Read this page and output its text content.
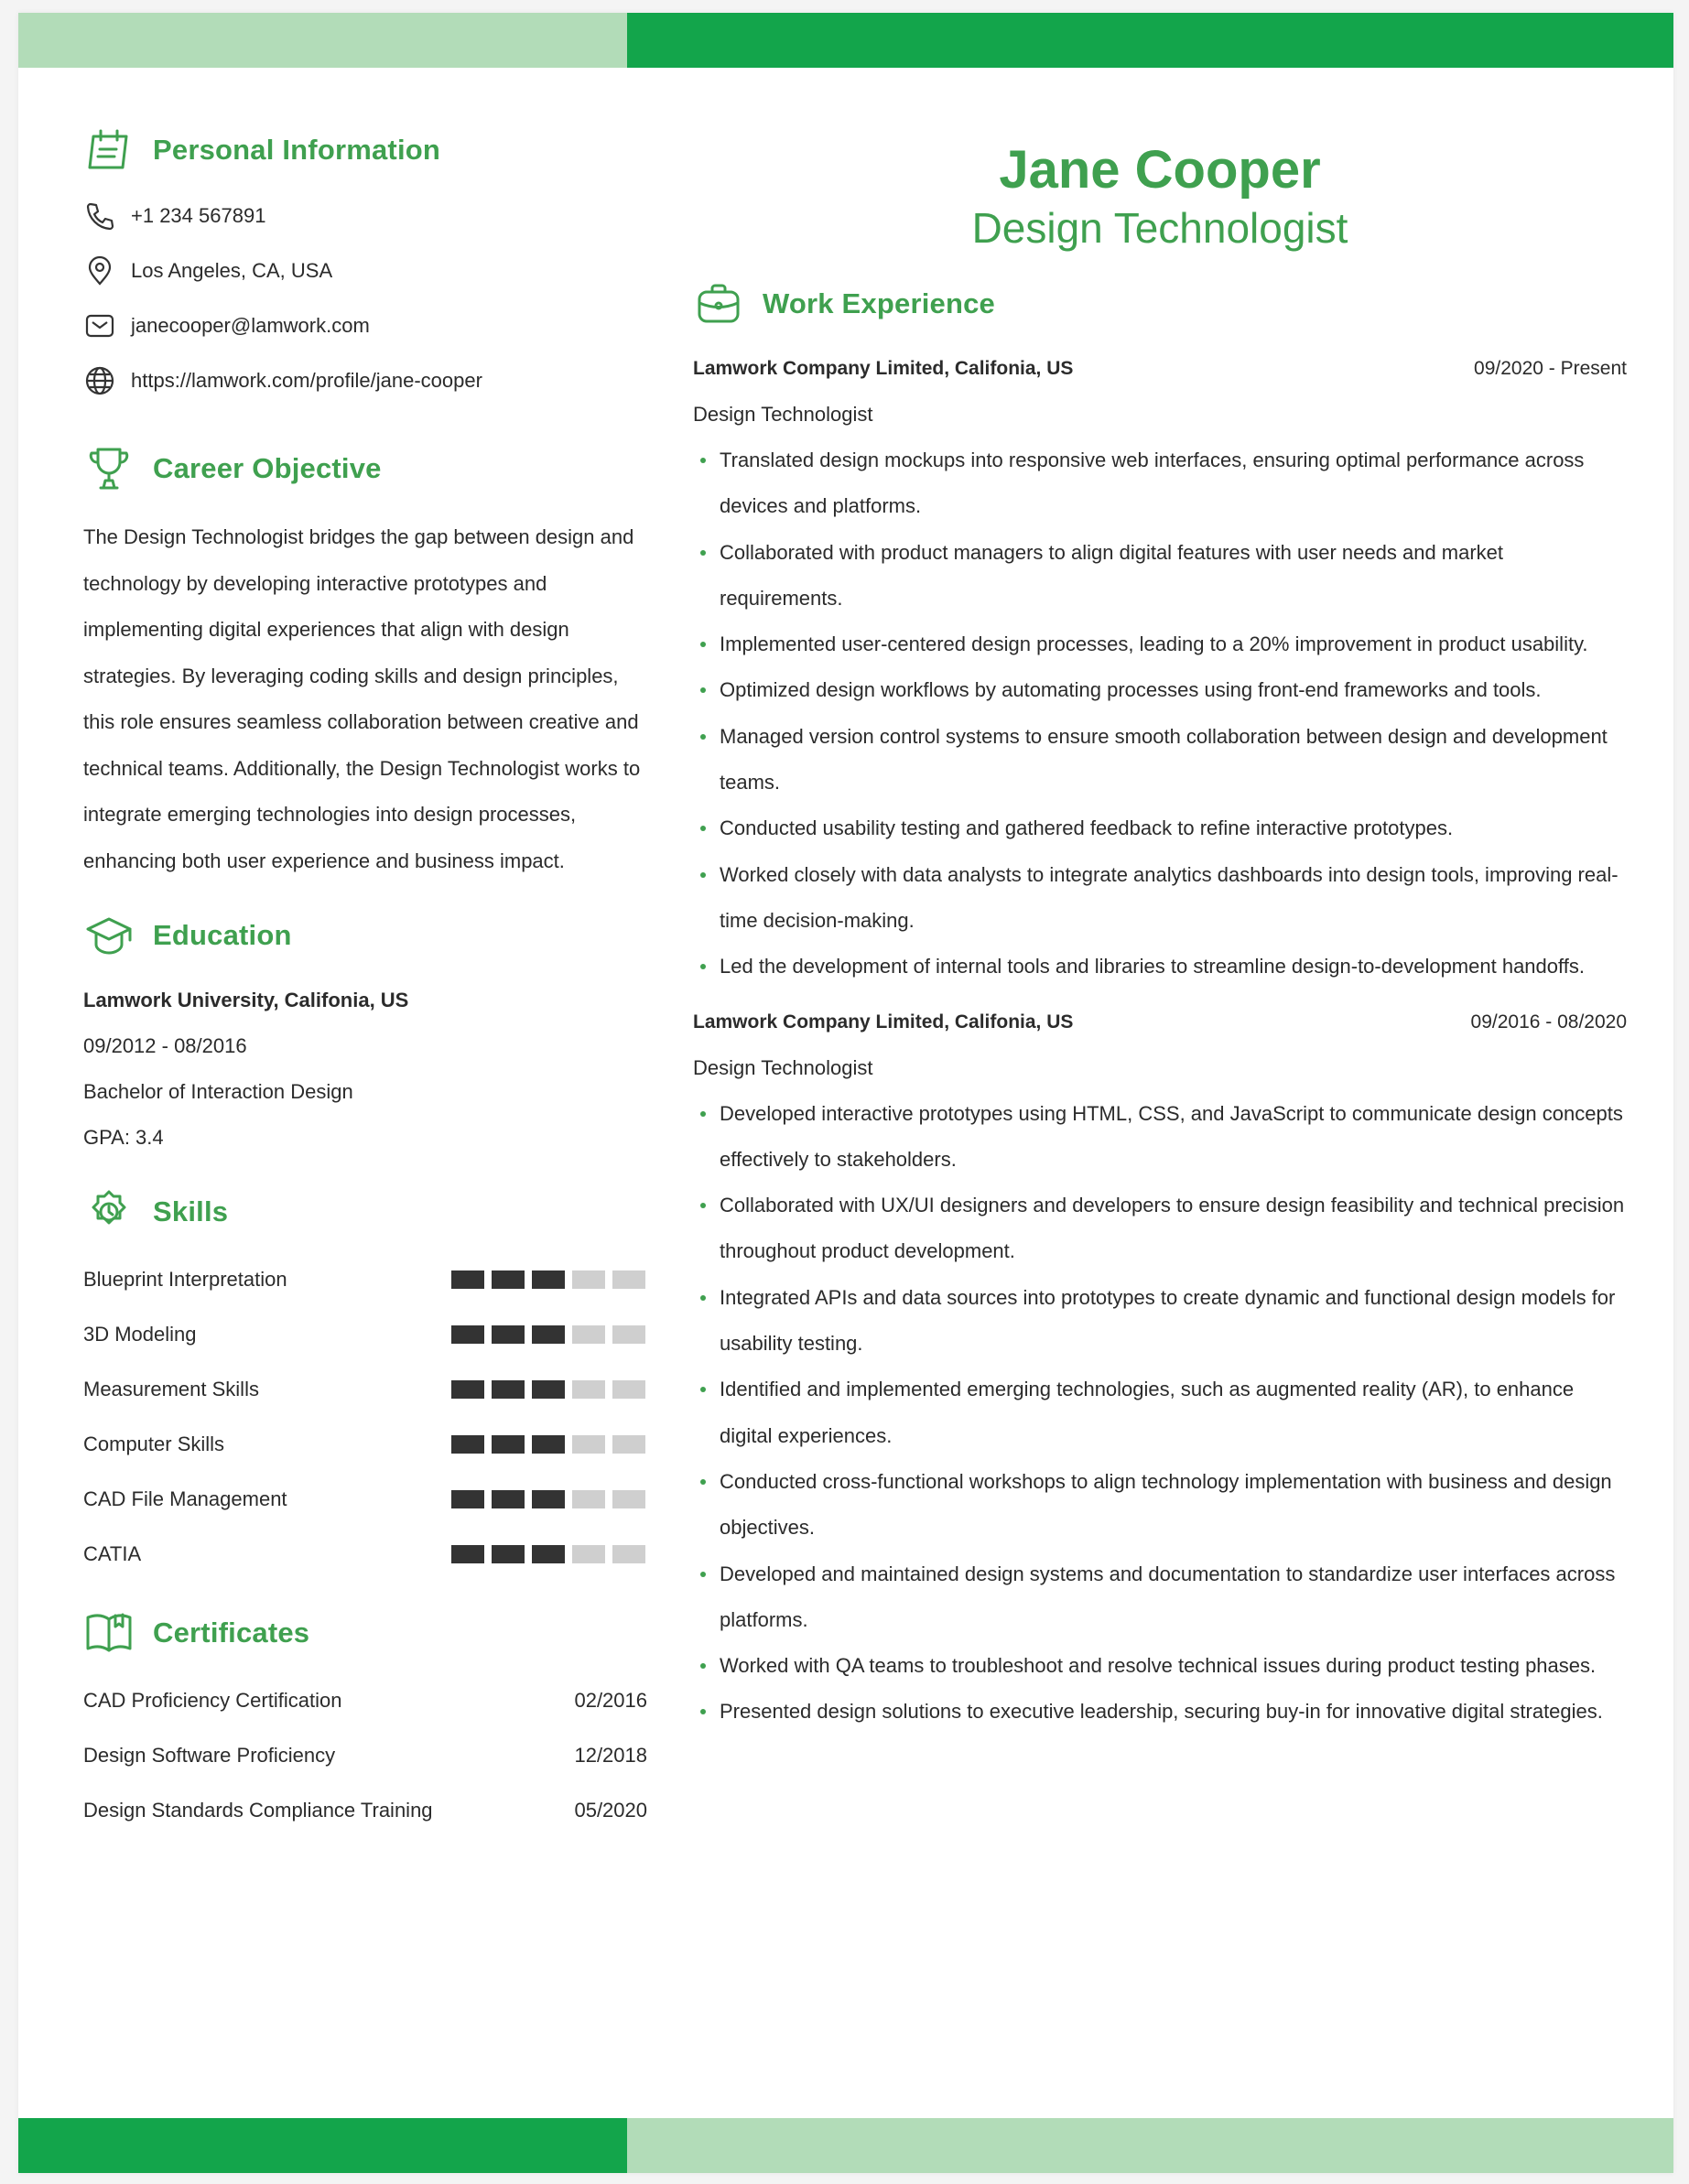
Personal Information
+1 234 567891
Los Angeles, CA, USA
janecooper@lamwork.com
https://lamwork.com/profile/jane-cooper
Career Objective
The Design Technologist bridges the gap between design and technology by developing interactive prototypes and implementing digital experiences that align with design strategies. By leveraging coding skills and design principles, this role ensures seamless collaboration between creative and technical teams. Additionally, the Design Technologist works to integrate emerging technologies into design processes, enhancing both user experience and business impact.
Education
Lamwork University, Califonia, US
09/2012 - 08/2016
Bachelor of Interaction Design
GPA: 3.4
Skills
Blueprint Interpretation
3D Modeling
Measurement Skills
Computer Skills
CAD File Management
CATIA
Certificates
CAD Proficiency Certification	02/2016
Design Software Proficiency	12/2018
Design Standards Compliance Training	05/2020
Jane Cooper
Design Technologist
Work Experience
Lamwork Company Limited, Califonia, US	09/2020 - Present
Design Technologist
Translated design mockups into responsive web interfaces, ensuring optimal performance across devices and platforms.
Collaborated with product managers to align digital features with user needs and market requirements.
Implemented user-centered design processes, leading to a 20% improvement in product usability.
Optimized design workflows by automating processes using front-end frameworks and tools.
Managed version control systems to ensure smooth collaboration between design and development teams.
Conducted usability testing and gathered feedback to refine interactive prototypes.
Worked closely with data analysts to integrate analytics dashboards into design tools, improving real-time decision-making.
Led the development of internal tools and libraries to streamline design-to-development handoffs.
Lamwork Company Limited, Califonia, US	09/2016 - 08/2020
Design Technologist
Developed interactive prototypes using HTML, CSS, and JavaScript to communicate design concepts effectively to stakeholders.
Collaborated with UX/UI designers and developers to ensure design feasibility and technical precision throughout product development.
Integrated APIs and data sources into prototypes to create dynamic and functional design models for usability testing.
Identified and implemented emerging technologies, such as augmented reality (AR), to enhance digital experiences.
Conducted cross-functional workshops to align technology implementation with business and design objectives.
Developed and maintained design systems and documentation to standardize user interfaces across platforms.
Worked with QA teams to troubleshoot and resolve technical issues during product testing phases.
Presented design solutions to executive leadership, securing buy-in for innovative digital strategies.
